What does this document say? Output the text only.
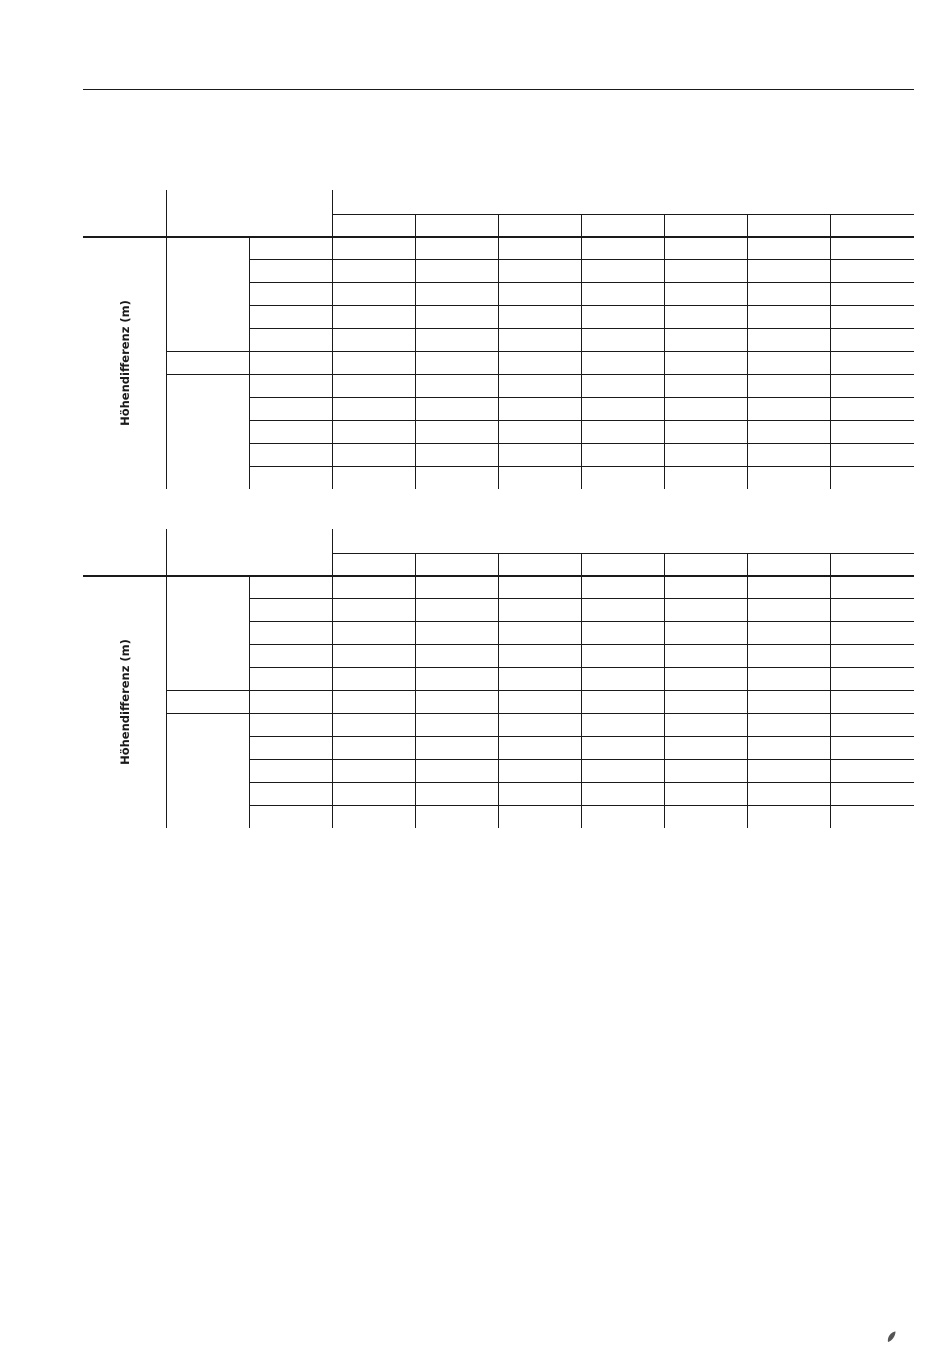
Höhendifferenz (m)
Höhendifferenz (m)
